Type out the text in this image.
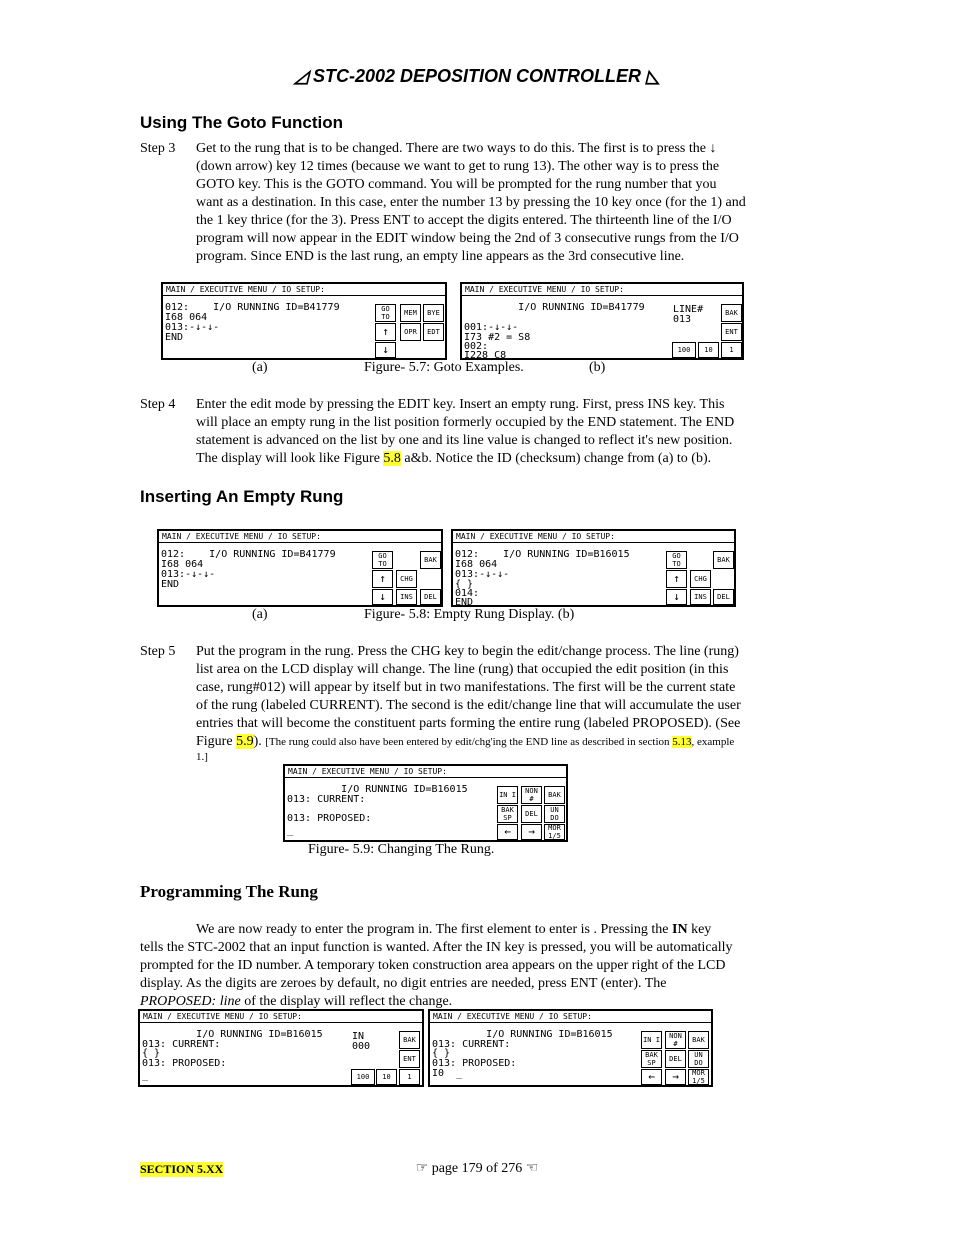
◿ STC-2002 DEPOSITION CONTROLLER ◺
Using The Goto Function
Step 3 Get to the rung that is to be changed. There are two ways to do this. The first is to press the ↓
(down arrow) key 12 times (because we want to get to rung 13). The other way is to press the
GOTO key. This is the GOTO command. You will be prompted for the rung number that you
want as a destination. In this case, enter the number 13 by pressing the 10 key once (for the 1) and
the 1 key thrice (for the 3). Press ENT to accept the digits entered. The thirteenth line of the I/O
program will now appear in the EDIT window being the 2nd of 3 consecutive rungs from the I/O
program. Since END is the last rung, an empty line appears as the 3rd consecutive line.
MAIN / EXECUTIVE MENU / IO SETUP:
012:    I/O RUNNING ID=B41779
I68 064
013:-↓-↓-
END
GO TO	MEM	BYE
↑	OPR	EDT
↓
MAIN / EXECUTIVE MENU / IO SETUP:
I/O RUNNING ID=B41779
001:-↓-↓-
I73 #2 = S8
002:
I228 C8
LINE#
013
BAK
ENT
100	10	1
(a)	Figure- 5.7: Goto Examples.	(b)
Step 4 Enter the edit mode by pressing the EDIT key. Insert an empty rung. First, press INS key. This
will place an empty rung in the list position formerly occupied by the END statement. The END
statement is advanced on the list by one and its line value is changed to reflect it's new position.
The display will look like Figure 5.8 a&b. Notice the ID (checksum) change from (a) to (b).
Inserting An Empty Rung
MAIN / EXECUTIVE MENU / IO SETUP:
012:    I/O RUNNING ID=B41779
I68 064
013:-↓-↓-
END
GO TO	BAK
↑	CHG
↓	INS	DEL
MAIN / EXECUTIVE MENU / IO SETUP:
012:    I/O RUNNING ID=B16015
I68 064
013:-↓-↓-
{ }
014:
END
GO TO	BAK
↑	CHG
↓	INS	DEL
(a)	Figure- 5.8: Empty Rung Display. (b)
Step 5 Put the program in the rung. Press the CHG key to begin the edit/change process. The line (rung)
list area on the LCD display will change. The line (rung) that occupied the edit position (in this
case, rung#012) will appear by itself but in two manifestations. The first will be the current state
of the rung (labeled CURRENT). The second is the edit/change line that will accumulate the user
entries that will become the constituent parts forming the entire rung (labeled PROPOSED). (See
Figure 5.9). [The rung could also have been entered by edit/chg'ing the END line as described in section 5.13, example
1.]
MAIN / EXECUTIVE MENU / IO SETUP:
I/O RUNNING ID=B16015
013: CURRENT:
013: PROPOSED:
_
IN I	NON #	BAK
BAK SP	DEL	UN DO
←	→	MOR 1/5
Figure- 5.9: Changing The Rung.
Programming The Rung
We are now ready to enter the program in. The first element to enter is . Pressing the IN key
tells the STC-2002 that an input function is wanted. After the IN key is pressed, you will be automatically
prompted for the ID number. A temporary token construction area appears on the upper right of the LCD
display. As the digits are zeroes by default, no digit entries are needed, press ENT (enter). The
PROPOSED: line of the display will reflect the change.
MAIN / EXECUTIVE MENU / IO SETUP:
I/O RUNNING ID=B16015
013: CURRENT:
{ }
013: PROPOSED:
_
IN
000
BAK
ENT
100	10	1
MAIN / EXECUTIVE MENU / IO SETUP:
I/O RUNNING ID=B16015
013: CURRENT:
{ }
013: PROPOSED:
I0  _
IN I	NON #	BAK
BAK SP	DEL	UN DO
←	→	MOR 1/5
SECTION 5.XX	☞ page 179 of 276 ☜
